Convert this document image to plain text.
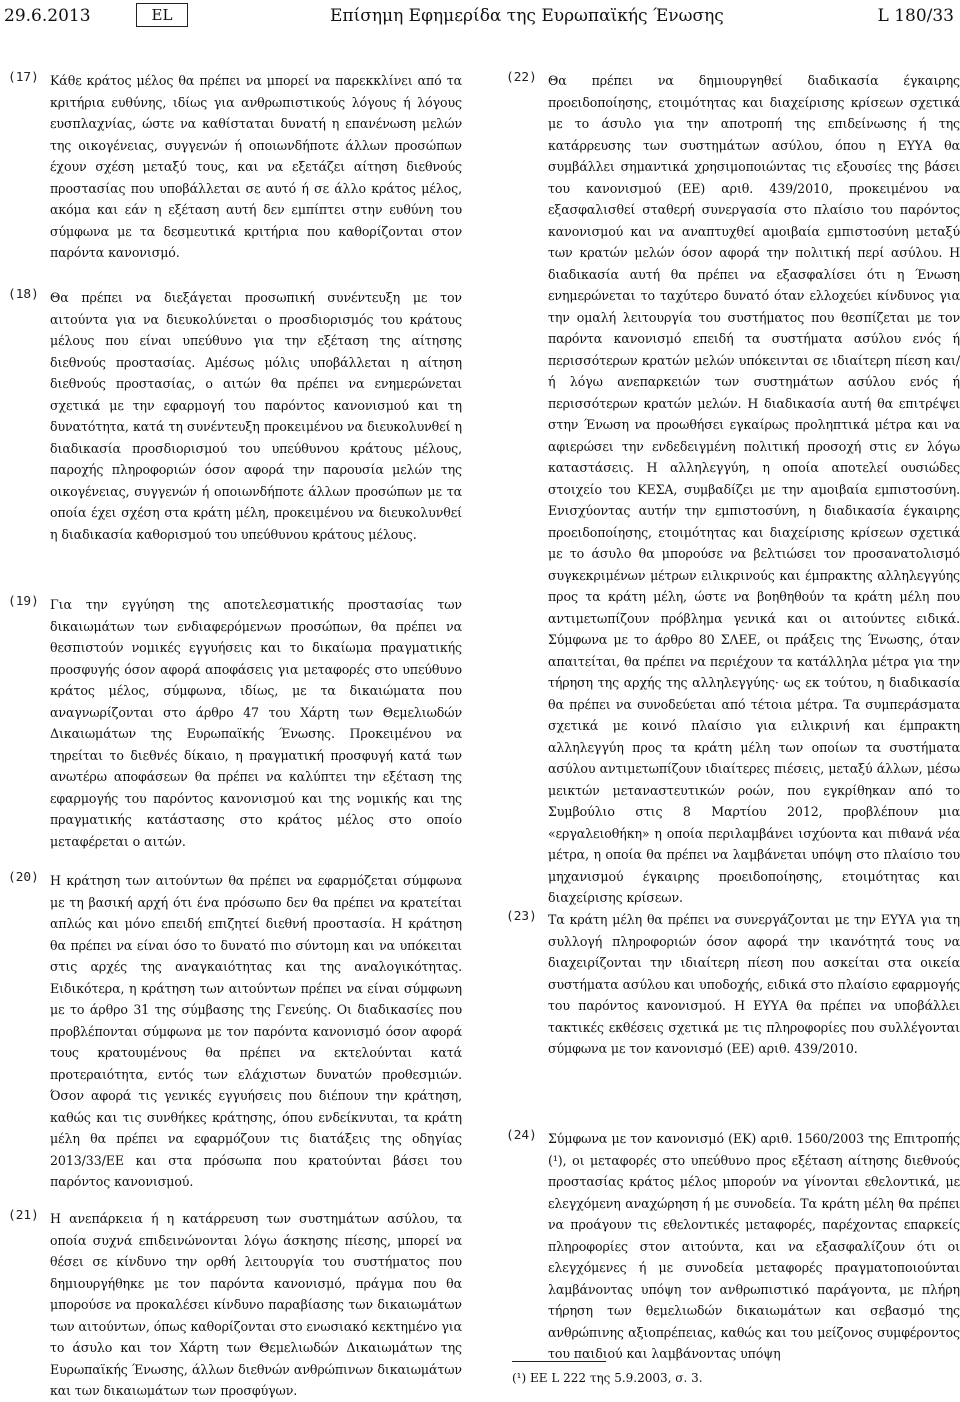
29.6.2013	EL	Επίσημη Εφημερίδα της Ευρωπαϊκής Ένωσης	L 180/33
(17) Κάθε κράτος μέλος θα πρέπει να μπορεί να παρεκκλίνει από τα κριτήρια ευθύνης, ιδίως για ανθρωπιστικούς λόγους ή λόγους ευσπλαχνίας, ώστε να καθίσταται δυνατή η επανένωση μελών της οικογένειας, συγγενών ή οποιωνδήποτε άλλων προσώπων έχουν σχέση μεταξύ τους, και να εξετάζει αίτηση διεθνούς προστασίας που υποβάλλεται σε αυτό ή σε άλλο κράτος μέλος, ακόμα και εάν η εξέταση αυτή δεν εμπίπτει στην ευθύνη του σύμφωνα με τα δεσμευτικά κριτήρια που καθορίζονται στον παρόντα κανονισμό.
(18) Θα πρέπει να διεξάγεται προσωπική συνέντευξη με τον αιτούντα για να διευκολύνεται ο προσδιορισμός του κράτους μέλους που είναι υπεύθυνο για την εξέταση της αίτησης διεθνούς προστασίας. Αμέσως μόλις υποβάλλεται η αίτηση διεθνούς προστασίας, ο αιτών θα πρέπει να ενημερώνεται σχετικά με την εφαρμογή του παρόντος κανονισμού και τη δυνατότητα, κατά τη συνέντευξη προκειμένου να διευκολυνθεί η διαδικασία προσδιορισμού του υπεύθυνου κράτους μέλους, παροχής πληροφοριών όσον αφορά την παρουσία μελών της οικογένειας, συγγενών ή οποιωνδήποτε άλλων προσώπων με τα οποία έχει σχέση στα κράτη μέλη, προκειμένου να διευκολυνθεί η διαδικασία καθορισμού του υπεύθυνου κράτους μέλους.
(19) Για την εγγύηση της αποτελεσματικής προστασίας των δικαιωμάτων των ενδιαφερόμενων προσώπων, θα πρέπει να θεσπιστούν νομικές εγγυήσεις και το δικαίωμα πραγματικής προσφυγής όσον αφορά αποφάσεις για μεταφορές στο υπεύθυνο κράτος μέλος, σύμφωνα, ιδίως, με τα δικαιώματα που αναγνωρίζονται στο άρθρο 47 του Χάρτη των Θεμελιωδών Δικαιωμάτων της Ευρωπαϊκής Ένωσης. Προκειμένου να τηρείται το διεθνές δίκαιο, η πραγματική προσφυγή κατά των ανωτέρω αποφάσεων θα πρέπει να καλύπτει την εξέταση της εφαρμογής του παρόντος κανονισμού και της νομικής και της πραγματικής κατάστασης στο κράτος μέλος στο οποίο μεταφέρεται ο αιτών.
(20) Η κράτηση των αιτούντων θα πρέπει να εφαρμόζεται σύμφωνα με τη βασική αρχή ότι ένα πρόσωπο δεν θα πρέπει να κρατείται απλώς και μόνο επειδή επιζητεί διεθνή προστασία. Η κράτηση θα πρέπει να είναι όσο το δυνατό πιο σύντομη και να υπόκειται στις αρχές της αναγκαιότητας και της αναλογικότητας. Ειδικότερα, η κράτηση των αιτούντων πρέπει να είναι σύμφωνη με το άρθρο 31 της σύμβασης της Γενεύης. Οι διαδικασίες που προβλέπονται σύμφωνα με τον παρόντα κανονισμό όσον αφορά τους κρατουμένους θα πρέπει να εκτελούνται κατά προτεραιότητα, εντός των ελάχιστων δυνατών προθεσμιών. Όσον αφορά τις γενικές εγγυήσεις που διέπουν την κράτηση, καθώς και τις συνθήκες κράτησης, όπου ενδείκνυται, τα κράτη μέλη θα πρέπει να εφαρμόζουν τις διατάξεις της οδηγίας 2013/33/ΕΕ και στα πρόσωπα που κρατούνται βάσει του παρόντος κανονισμού.
(21) Η ανεπάρκεια ή η κατάρρευση των συστημάτων ασύλου, τα οποία συχνά επιδεινώνονται λόγω άσκησης πίεσης, μπορεί να θέσει σε κίνδυνο την ορθή λειτουργία του συστήματος που δημιουργήθηκε με τον παρόντα κανονισμό, πράγμα που θα μπορούσε να προκαλέσει κίνδυνο παραβίασης των δικαιωμάτων των αιτούντων, όπως καθορίζονται στο ενωσιακό κεκτημένο για το άσυλο και τον Χάρτη των Θεμελιωδών Δικαιωμάτων της Ευρωπαϊκής Ένωσης, άλλων διεθνών ανθρώπινων δικαιωμάτων και των δικαιωμάτων των προσφύγων.
(22) Θα πρέπει να δημιουργηθεί διαδικασία έγκαιρης προειδοποίησης, ετοιμότητας και διαχείρισης κρίσεων σχετικά με το άσυλο για την αποτροπή της επιδείνωσης ή της κατάρρευσης των συστημάτων ασύλου, όπου η ΕΥΥΑ θα συμβάλλει σημαντικά χρησιμοποιώντας τις εξουσίες της βάσει του κανονισμού (ΕΕ) αριθ. 439/2010, προκειμένου να εξασφαλισθεί σταθερή συνεργασία στο πλαίσιο του παρόντος κανονισμού και να αναπτυχθεί αμοιβαία εμπιστοσύνη μεταξύ των κρατών μελών όσον αφορά την πολιτική περί ασύλου. Η διαδικασία αυτή θα πρέπει να εξασφαλίσει ότι η Ένωση ενημερώνεται το ταχύτερο δυνατό όταν ελλοχεύει κίνδυνος για την ομαλή λειτουργία του συστήματος που θεσπίζεται με τον παρόντα κανονισμό επειδή τα συστήματα ασύλου ενός ή περισσότερων κρατών μελών υπόκεινται σε ιδιαίτερη πίεση και/ή λόγω ανεπαρκειών των συστημάτων ασύλου ενός ή περισσότερων κρατών μελών. Η διαδικασία αυτή θα επιτρέψει στην Ένωση να προωθήσει εγκαίρως προληπτικά μέτρα και να αφιερώσει την ενδεδειγμένη πολιτική προσοχή στις εν λόγω καταστάσεις. Η αλληλεγγύη, η οποία αποτελεί ουσιώδες στοιχείο του ΚΕΣΑ, συμβαδίζει με την αμοιβαία εμπιστοσύνη. Ενισχύοντας αυτήν την εμπιστοσύνη, η διαδικασία έγκαιρης προειδοποίησης, ετοιμότητας και διαχείρισης κρίσεων σχετικά με το άσυλο θα μπορούσε να βελτιώσει τον προσανατολισμό συγκεκριμένων μέτρων ειλικρινούς και έμπρακτης αλληλεγγύης προς τα κράτη μέλη, ώστε να βοηθηθούν τα κράτη μέλη που αντιμετωπίζουν πρόβλημα γενικά και οι αιτούντες ειδικά. Σύμφωνα με το άρθρο 80 ΣΛΕΕ, οι πράξεις της Ένωσης, όταν απαιτείται, θα πρέπει να περιέχουν τα κατάλληλα μέτρα για την τήρηση της αρχής της αλληλεγγύης· ως εκ τούτου, η διαδικασία θα πρέπει να συνοδεύεται από τέτοια μέτρα. Τα συμπεράσματα σχετικά με κοινό πλαίσιο για ειλικρινή και έμπρακτη αλληλεγγύη προς τα κράτη μέλη των οποίων τα συστήματα ασύλου αντιμετωπίζουν ιδιαίτερες πιέσεις, μεταξύ άλλων, μέσω μεικτών μεταναστευτικών ροών, που εγκρίθηκαν από το Συμβούλιο στις 8 Μαρτίου 2012, προβλέπουν μια «εργαλειοθήκη» η οποία περιλαμβάνει ισχύοντα και πιθανά νέα μέτρα, η οποία θα πρέπει να λαμβάνεται υπόψη στο πλαίσιο του μηχανισμού έγκαιρης προειδοποίησης, ετοιμότητας και διαχείρισης κρίσεων.
(23) Τα κράτη μέλη θα πρέπει να συνεργάζονται με την ΕΥΥΑ για τη συλλογή πληροφοριών όσον αφορά την ικανότητά τους να διαχειρίζονται την ιδιαίτερη πίεση που ασκείται στα οικεία συστήματα ασύλου και υποδοχής, ειδικά στο πλαίσιο εφαρμογής του παρόντος κανονισμού. Η ΕΥΥΑ θα πρέπει να υποβάλλει τακτικές εκθέσεις σχετικά με τις πληροφορίες που συλλέγονται σύμφωνα με τον κανονισμό (ΕΕ) αριθ. 439/2010.
(24) Σύμφωνα με τον κανονισμό (ΕΚ) αριθ. 1560/2003 της Επιτροπής (¹), οι μεταφορές στο υπεύθυνο προς εξέταση αίτησης διεθνούς προστασίας κράτος μέλος μπορούν να γίνονται εθελοντικά, με ελεγχόμενη αναχώρηση ή με συνοδεία. Τα κράτη μέλη θα πρέπει να προάγουν τις εθελοντικές μεταφορές, παρέχοντας επαρκείς πληροφορίες στον αιτούντα, και να εξασφαλίζουν ότι οι ελεγχόμενες ή με συνοδεία μεταφορές πραγματοποιούνται λαμβάνοντας υπόψη τον ανθρωπιστικό παράγοντα, με πλήρη τήρηση των θεμελιωδών δικαιωμάτων και σεβασμό της ανθρώπινης αξιοπρέπειας, καθώς και του μείζονος συμφέροντος του παιδιού και λαμβάνοντας υπόψη
(¹) ΕΕ L 222 της 5.9.2003, σ. 3.
